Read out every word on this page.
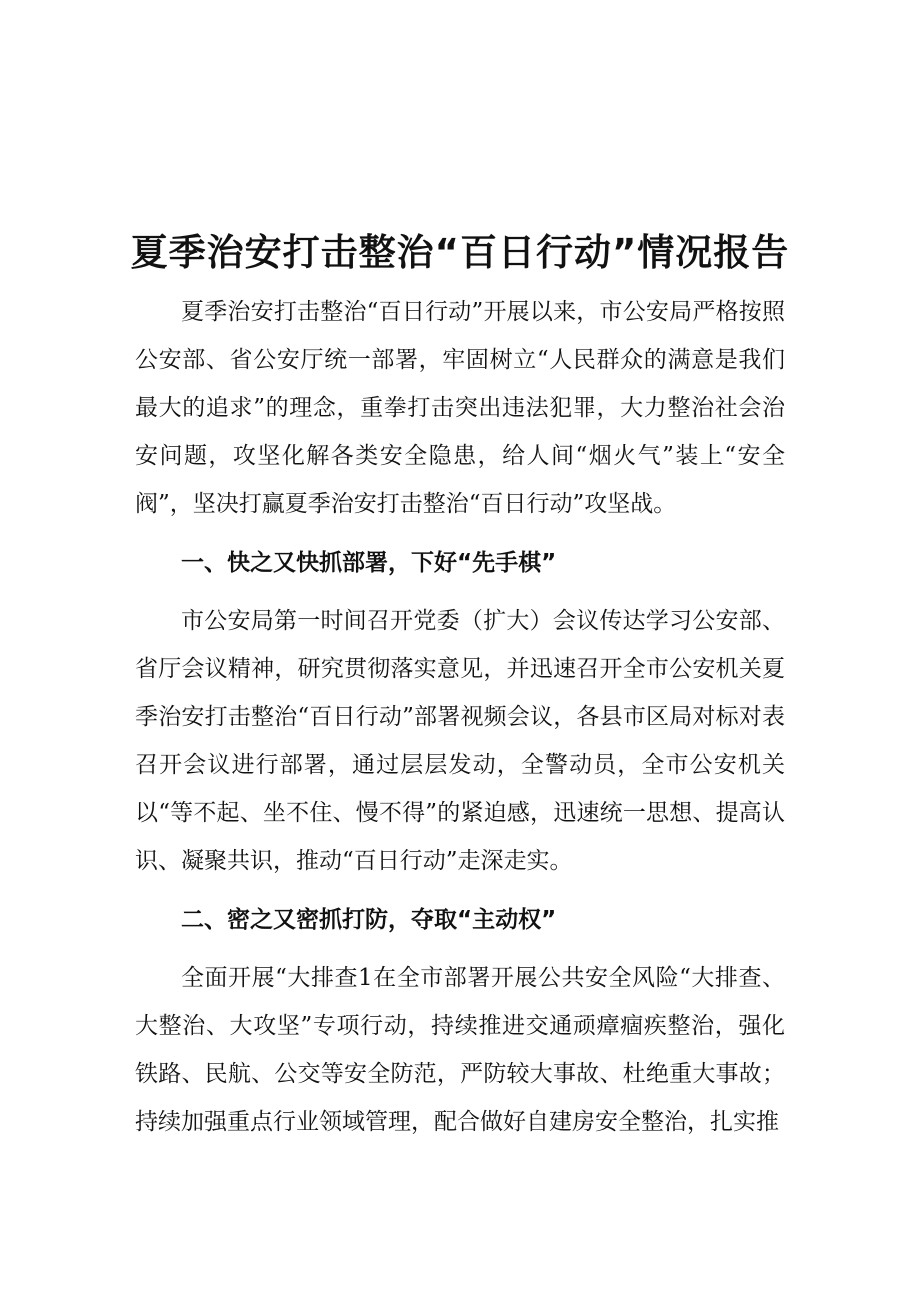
夏季治安打击整治“百日行动”情况报告

夏季治安打击整治“百日行动”开展以来，市公安局严格按照公安部、省公安厅统一部署，牢固树立“人民群众的满意是我们最大的追求”的理念，重拳打击突出违法犯罪，大力整治社会治安问题，攻坚化解各类安全隐患，给人间“烟火气”装上“安全阀”，坚决打赢夏季治安打击整治“百日行动”攻坚战。

一、快之又快抓部署，下好“先手棋”

市公安局第一时间召开党委（扩大）会议传达学习公安部、省厅会议精神，研究贯彻落实意见，并迅速召开全市公安机关夏季治安打击整治“百日行动”部署视频会议，各县市区局对标对表召开会议进行部署，通过层层发动，全警动员，全市公安机关以“等不起、坐不住、慢不得”的紧迫感，迅速统一思想、提高认识、凝聚共识，推动“百日行动”走深走实。

二、密之又密抓打防，夺取“主动权”

全面开展“大排查1在全市部署开展公共安全风险“大排查、大整治、大攻坚”专项行动，持续推进交通顽瘴痼疾整治，强化铁路、民航、公交等安全防范，严防较大事故、杜绝重大事故；持续加强重点行业领域管理，配合做好自建房安全整治，扎实推
